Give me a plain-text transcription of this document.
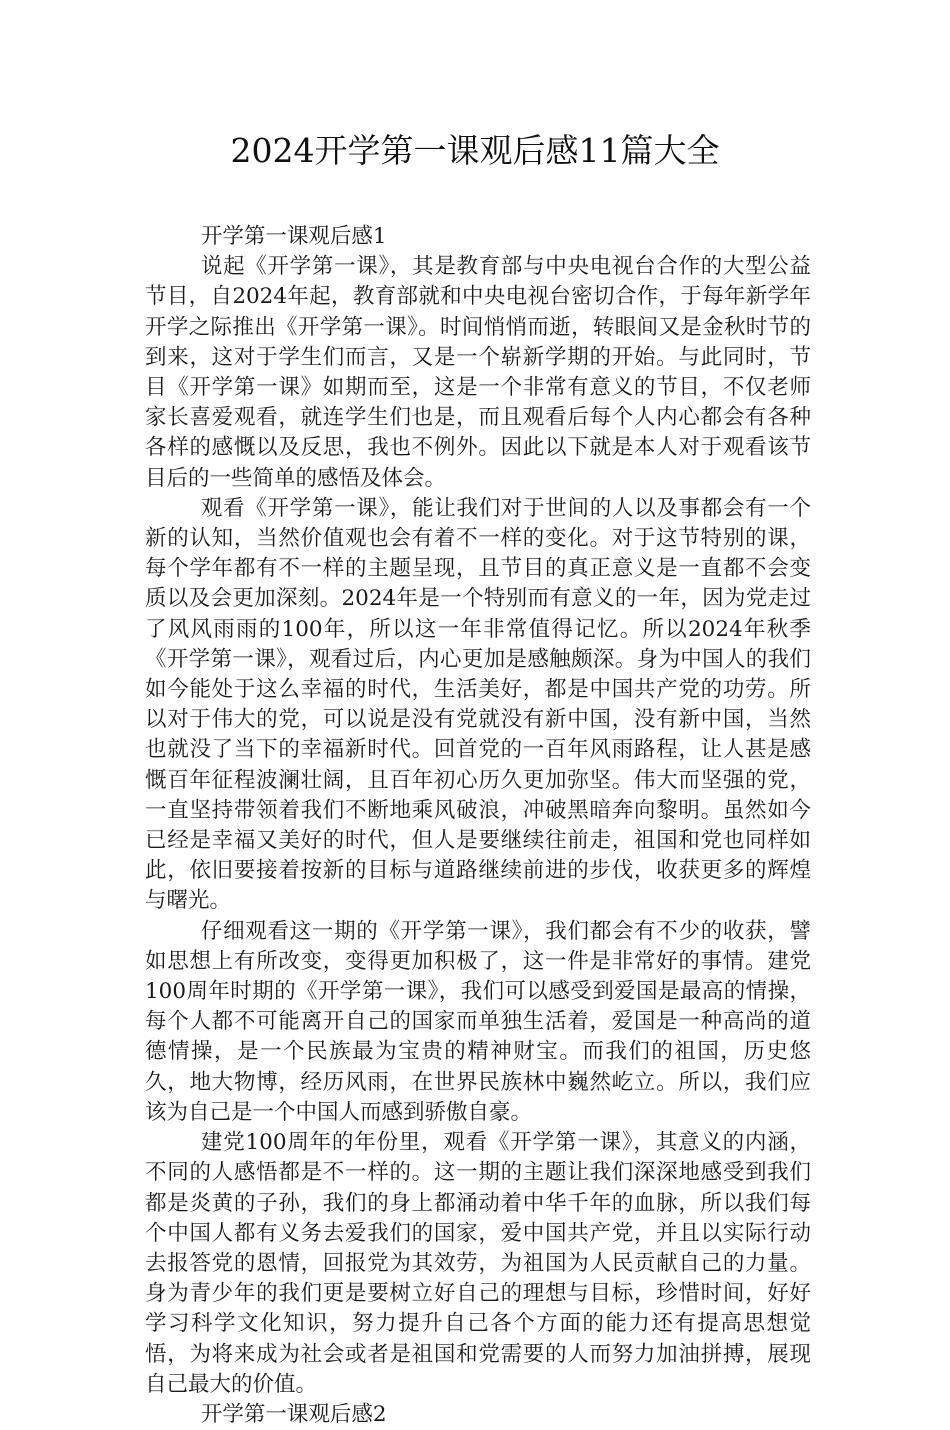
2024开学第一课观后感11篇大全

开学第一课观后感1

说起《开学第一课》，其是教育部与中央电视台合作的大型公益节目，自2024年起，教育部就和中央电视台密切合作，于每年新学年开学之际推出《开学第一课》。时间悄悄而逝，转眼间又是金秋时节的到来，这对于学生们而言，又是一个崭新学期的开始。与此同时，节目《开学第一课》如期而至，这是一个非常有意义的节目，不仅老师家长喜爱观看，就连学生们也是，而且观看后每个人内心都会有各种各样的感慨以及反思，我也不例外。因此以下就是本人对于观看该节目后的一些简单的感悟及体会。

观看《开学第一课》，能让我们对于世间的人以及事都会有一个新的认知，当然价值观也会有着不一样的变化。对于这节特别的课，每个学年都有不一样的主题呈现，且节目的真正意义是一直都不会变质以及会更加深刻。2024年是一个特别而有意义的一年，因为党走过了风风雨雨的100年，所以这一年非常值得记忆。所以2024年秋季《开学第一课》，观看过后，内心更加是感触颇深。身为中国人的我们如今能处于这么幸福的时代，生活美好，都是中国共产党的功劳。所以对于伟大的党，可以说是没有党就没有新中国，没有新中国，当然也就没了当下的幸福新时代。回首党的一百年风雨路程，让人甚是感慨百年征程波澜壮阔，且百年初心历久更加弥坚。伟大而坚强的党，一直坚持带领着我们不断地乘风破浪，冲破黑暗奔向黎明。虽然如今已经是幸福又美好的时代，但人是要继续往前走，祖国和党也同样如此，依旧要接着按新的目标与道路继续前进的步伐，收获更多的辉煌与曙光。

仔细观看这一期的《开学第一课》，我们都会有不少的收获，譬如思想上有所改变，变得更加积极了，这一件是非常好的事情。建党100周年时期的《开学第一课》，我们可以感受到爱国是最高的情操，每个人都不可能离开自己的国家而单独生活着，爱国是一种高尚的道德情操，是一个民族最为宝贵的精神财宝。而我们的祖国，历史悠久，地大物博，经历风雨，在世界民族林中巍然屹立。所以，我们应该为自己是一个中国人而感到骄傲自豪。

建党100周年的年份里，观看《开学第一课》，其意义的内涵，不同的人感悟都是不一样的。这一期的主题让我们深深地感受到我们都是炎黄的子孙，我们的身上都涌动着中华千年的血脉，所以我们每个中国人都有义务去爱我们的国家，爱中国共产党，并且以实际行动去报答党的恩情，回报党为其效劳，为祖国为人民贡献自己的力量。身为青少年的我们更是要树立好自己的理想与目标，珍惜时间，好好学习科学文化知识，努力提升自己各个方面的能力还有提高思想觉悟，为将来成为社会或者是祖国和党需要的人而努力加油拼搏，展现自己最大的价值。

开学第一课观后感2
